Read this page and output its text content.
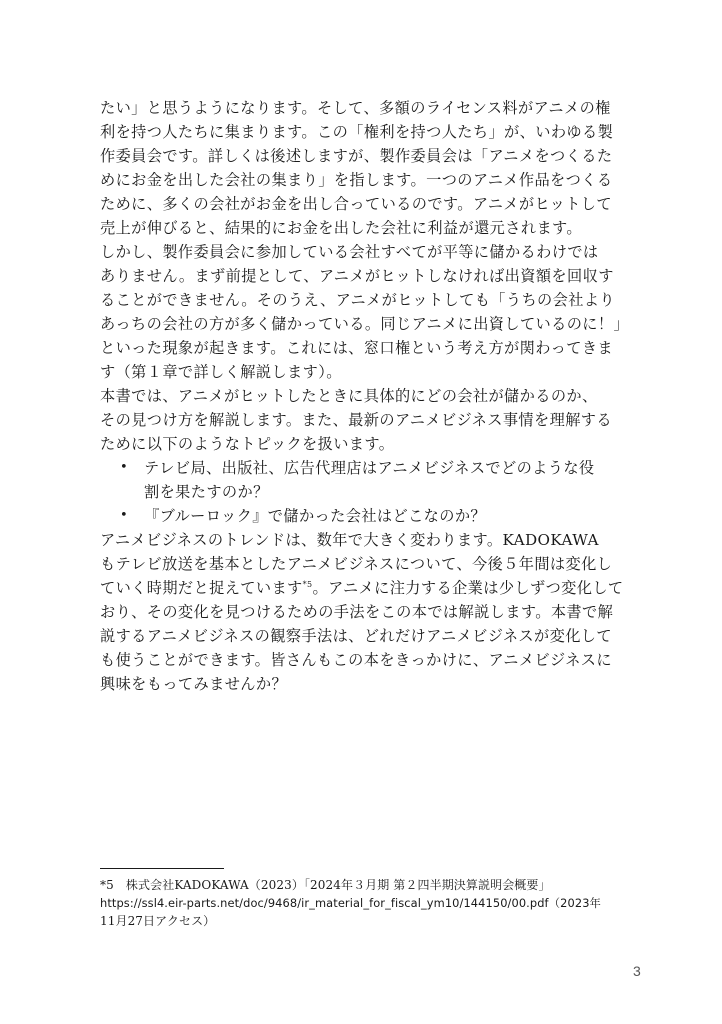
たい」と思うようになります。そして、多額のライセンス料がアニメの権
利を持つ人たちに集まります。この「権利を持つ人たち」が、いわゆる製
作委員会です。詳しくは後述しますが、製作委員会は「アニメをつくるた
めにお金を出した会社の集まり」を指します。一つのアニメ作品をつくる
ために、多くの会社がお金を出し合っているのです。アニメがヒットして
売上が伸びると、結果的にお金を出した会社に利益が還元されます。
しかし、製作委員会に参加している会社すべてが平等に儲かるわけでは
ありません。まず前提として、アニメがヒットしなければ出資額を回収す
ることができません。そのうえ、アニメがヒットしても「うちの会社より
あっちの会社の方が多く儲かっている。同じアニメに出資しているのに！」
といった現象が起きます。これには、窓口権という考え方が関わってきま
す（第１章で詳しく解説します）。
本書では、アニメがヒットしたときに具体的にどの会社が儲かるのか、
その見つけ方を解説します。また、最新のアニメビジネス事情を理解する
ために以下のようなトピックを扱います。
•	テレビ局、出版社、広告代理店はアニメビジネスでどのような役
割を果たすのか？
•	『ブルーロック』で儲かった会社はどこなのか？
アニメビジネスのトレンドは、数年で大きく変わります。KADOKAWA
もテレビ放送を基本としたアニメビジネスについて、今後５年間は変化し
ていく時期だと捉えています$^{*5}$。アニメに注力する企業は少しずつ変化して
おり、その変化を見つけるための手法をこの本では解説します。本書で解
説するアニメビジネスの観察手法は、どれだけアニメビジネスが変化して
も使うことができます。皆さんもこの本をきっかけに、アニメビジネスに
興味をもってみませんか？
*5　株式会社KADOKAWA（2023）「2024年３月期 第２四半期決算説明会概要」
https://ssl4.eir-parts.net/doc/9468/ir_material_for_fiscal_ym10/144150/00.pdf（2023年
11月27日アクセス）
3
